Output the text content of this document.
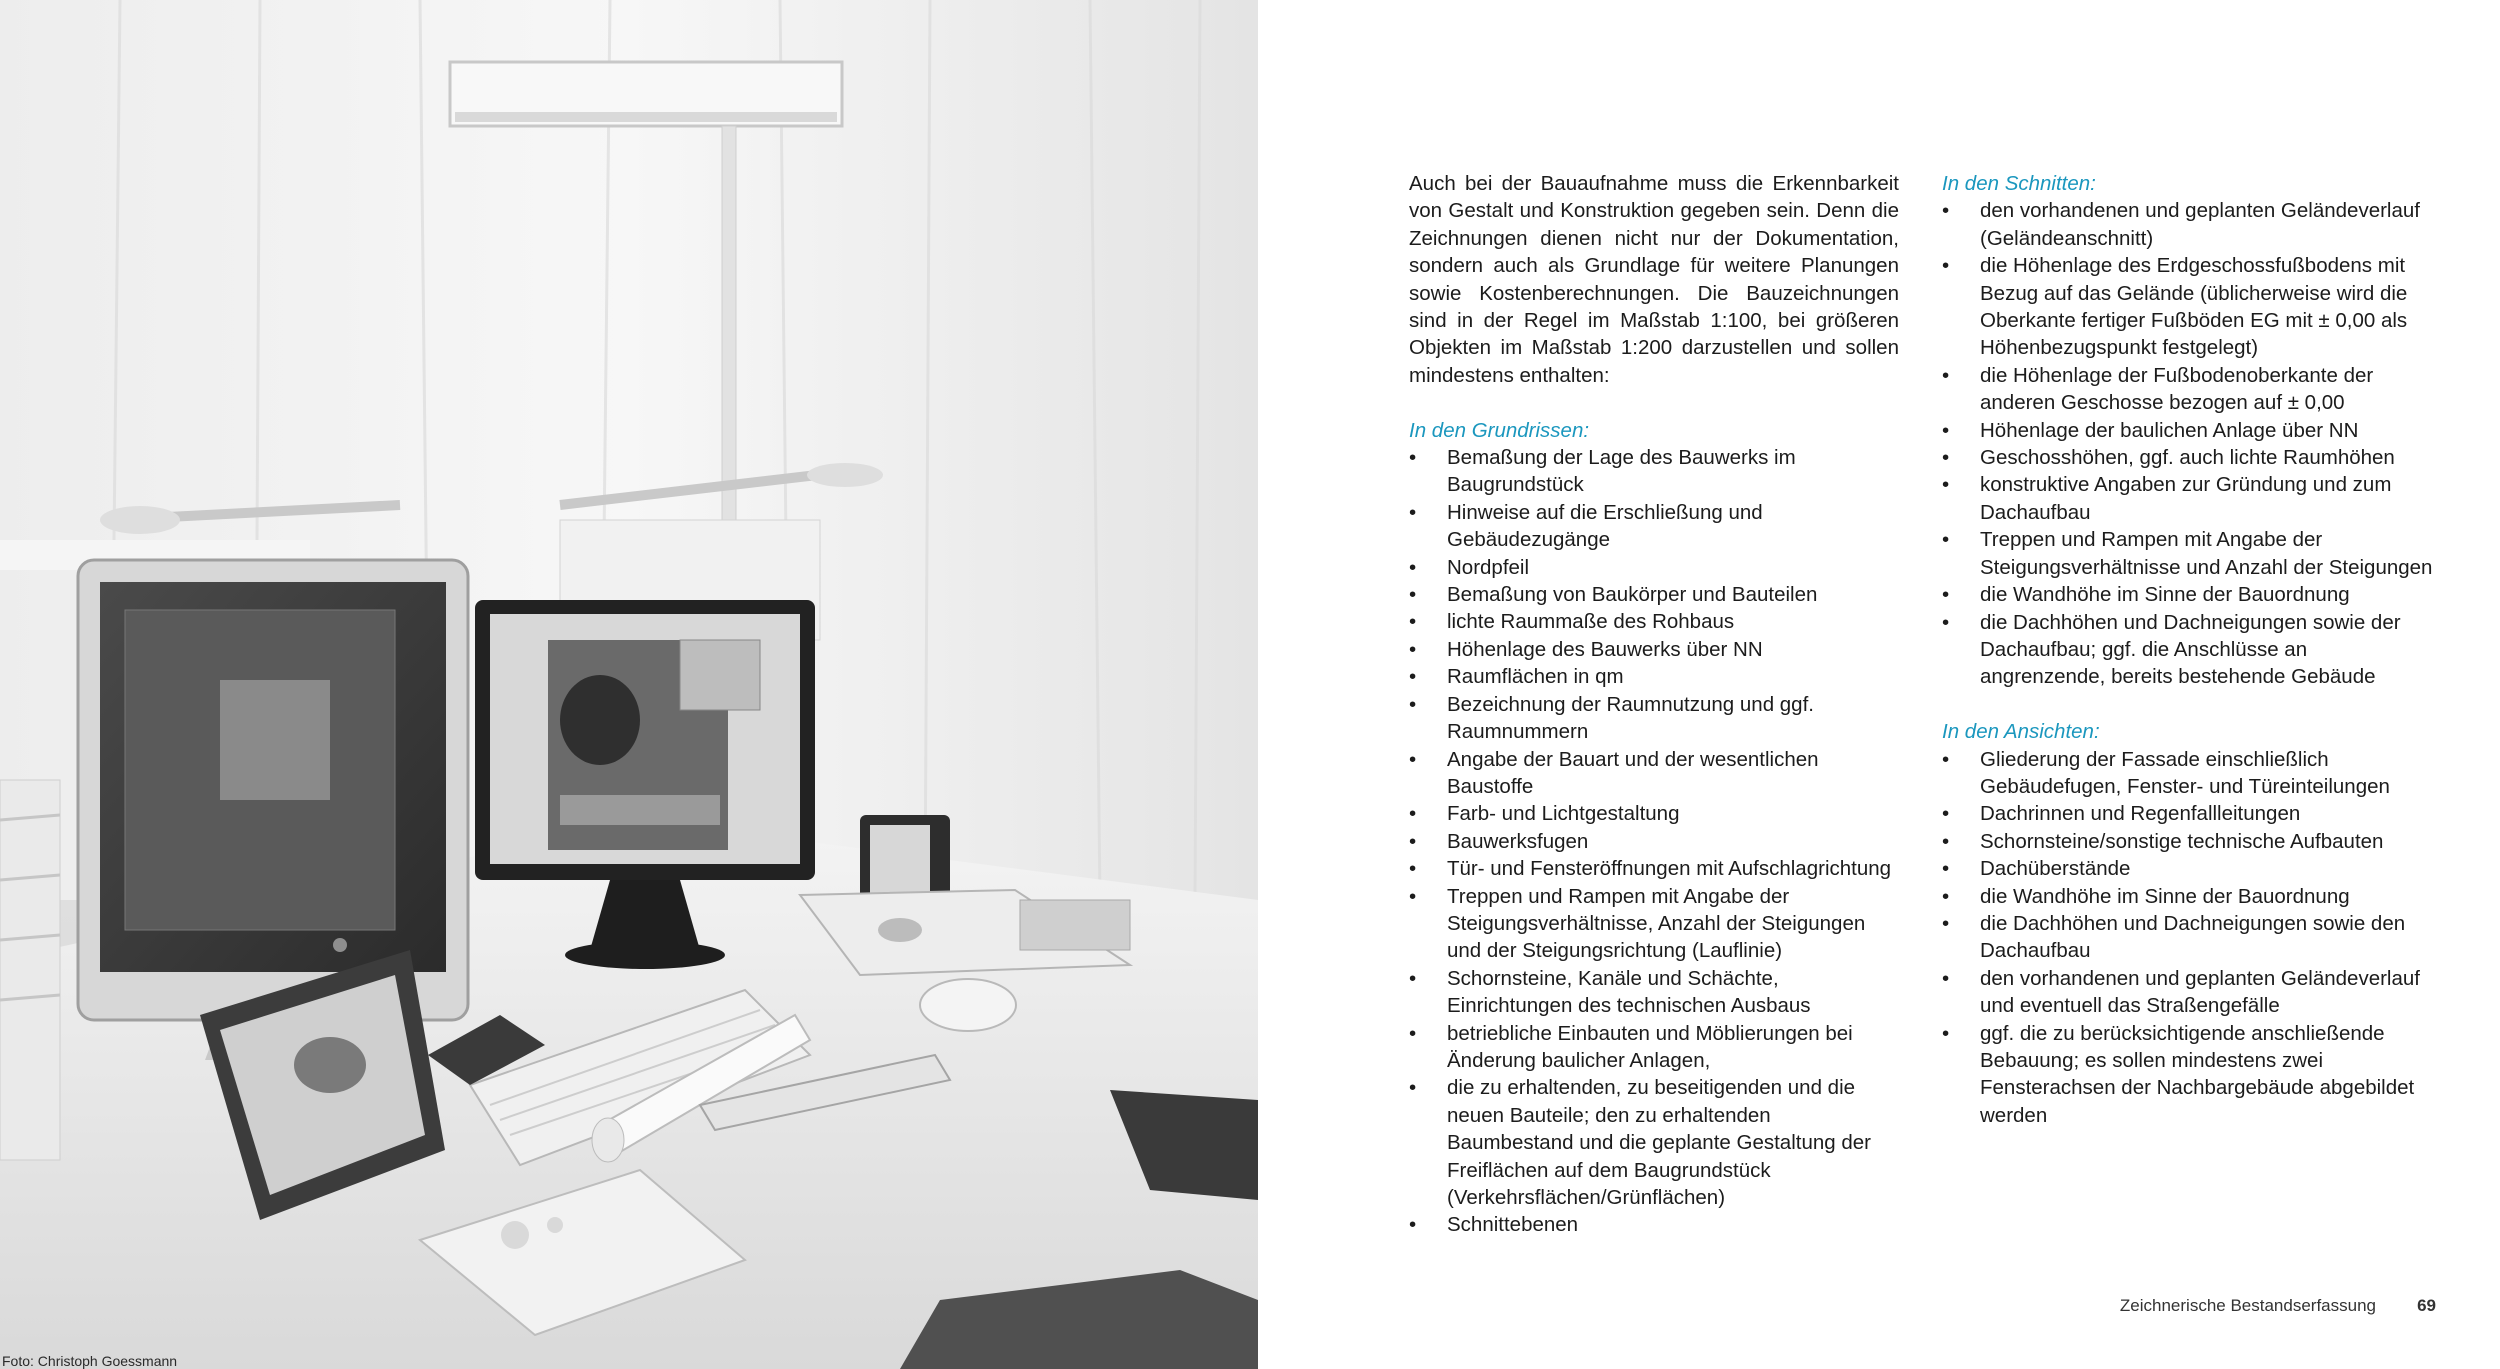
Foto: Christoph Goessmann

Auch bei der Bauaufnahme muss die Erkennbarkeit von Gestalt und Konstruktion gegeben sein. Denn die Zeichnungen dienen nicht nur der Dokumentation, sondern auch als Grundlage für weitere Planungen sowie Kostenberechnungen. Die Bauzeichnungen sind in der Regel im Maßstab 1:100, bei größeren Objekten im Maßstab 1:200 darzustellen und sollen mindestens enthalten:

In den Grundrissen:

• Bemaßung der Lage des Bauwerks im Baugrundstück
• Hinweise auf die Erschließung und Gebäudezugänge
• Nordpfeil
• Bemaßung von Baukörper und Bauteilen
• lichte Raummaße des Rohbaus
• Höhenlage des Bauwerks über NN
• Raumflächen in qm
• Bezeichnung der Raumnutzung und ggf. Raumnummern
• Angabe der Bauart und der wesentlichen Baustoffe
• Farb- und Lichtgestaltung
• Bauwerksfugen
• Tür- und Fensteröffnungen mit Aufschlagrichtung
• Treppen und Rampen mit Angabe der Steigungsverhältnisse, Anzahl der Steigungen und der Steigungsrichtung (Lauflinie)
• Schornsteine, Kanäle und Schächte, Einrichtungen des technischen Ausbaus
• betriebliche Einbauten und Möblierungen bei Änderung baulicher Anlagen,
• die zu erhaltenden, zu beseitigenden und die neuen Bauteile; den zu erhaltenden Baumbestand und die geplante Gestaltung der Freiflächen auf dem Baugrundstück (Verkehrsflächen/Grünflächen)
• Schnittebenen

In den Schnitten:

• den vorhandenen und geplanten Geländeverlauf (Geländeanschnitt)
• die Höhenlage des Erdgeschossfußbodens mit Bezug auf das Gelände (üblicherweise wird die Oberkante fertiger Fußböden EG mit ± 0,00 als Höhenbezugspunkt festgelegt)
• die Höhenlage der Fußbodenoberkante der anderen Geschosse bezogen auf ± 0,00
• Höhenlage der baulichen Anlage über NN
• Geschosshöhen, ggf. auch lichte Raumhöhen
• konstruktive Angaben zur Gründung und zum Dachaufbau
• Treppen und Rampen mit Angabe der Steigungsverhältnisse und Anzahl der Steigungen
• die Wandhöhe im Sinne der Bauordnung
• die Dachhöhen und Dachneigungen sowie der Dachaufbau; ggf. die Anschlüsse an angrenzende, bereits bestehende Gebäude

In den Ansichten:

• Gliederung der Fassade einschließlich Gebäudefugen, Fenster- und Türeinteilungen
• Dachrinnen und Regenfallleitungen
• Schornsteine/sonstige technische Aufbauten
• Dachüberstände
• die Wandhöhe im Sinne der Bauordnung
• die Dachhöhen und Dachneigungen sowie den Dachaufbau
• den vorhandenen und geplanten Geländeverlauf und eventuell das Straßengefälle
• ggf. die zu berücksichtigende anschließende Bebauung; es sollen mindestens zwei Fensterachsen der Nachbargebäude abgebildet werden
Zeichnerische Bestandserfassung 69
